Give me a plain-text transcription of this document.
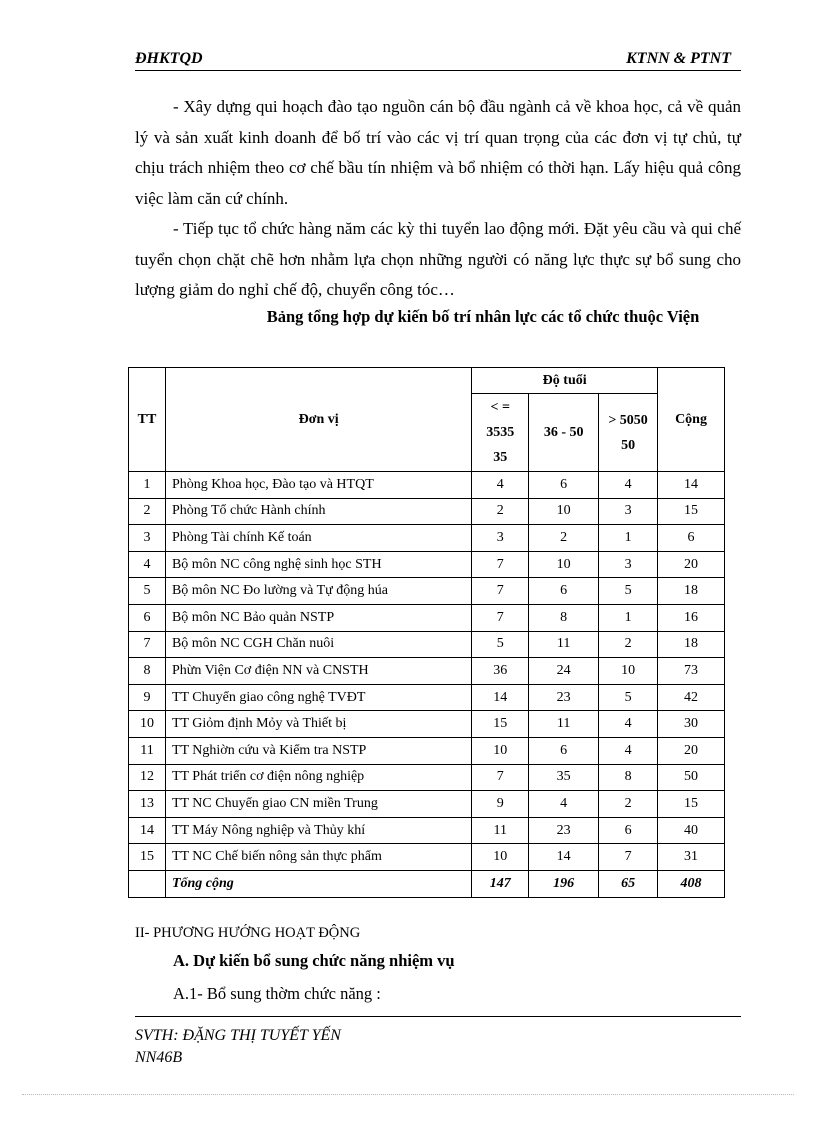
ĐHKTQD	KTNN & PTNT

- Xây dựng qui hoạch đào tạo nguồn cán bộ đầu ngành cả về khoa học, cả về quản lý và sản xuất kinh doanh để bố trí vào các vị trí quan trọng của các đơn vị tự chủ, tự chịu trách nhiệm theo cơ chế bầu tín nhiệm và bổ nhiệm có thời hạn. Lấy hiệu quả công việc làm căn cứ chính.

- Tiếp tục tổ chức hàng năm các kỳ thi tuyển lao động mới. Đặt yêu cầu và qui chế tuyển chọn chặt chẽ hơn nhằm lựa chọn những người có năng lực thực sự bổ sung cho lượng giảm do nghỉ chế độ, chuyển công tóc…

Bảng tổng hợp dự kiến bố trí nhân lực các tổ chức thuộc Viện
TT	Đơn vị	Độ tuổi			Cộng
		< = 3535 35	36 - 50	> 5050 50	
1	Phòng Khoa học, Đào tạo và HTQT	4	6	4	14
2	Phòng Tổ chức Hành chính	2	10	3	15
3	Phòng Tài chính Kế toán	3	2	1	6
4	Bộ môn NC công nghệ sinh học STH	7	10	3	20
5	Bộ môn NC Đo lường và Tự động húa	7	6	5	18
6	Bộ môn NC Bảo quản NSTP	7	8	1	16
7	Bộ môn NC CGH Chăn nuôi	5	11	2	18
8	Phừn Viện Cơ điện NN và CNSTH	36	24	10	73
9	TT Chuyển giao công nghệ TVĐT	14	23	5	42
10	TT Giỏm định Mỏy và Thiết bị	15	11	4	30
11	TT Nghiờn cứu và Kiểm tra NSTP	10	6	4	20
12	TT Phát triển cơ điện nông nghiệp	7	35	8	50
13	TT NC Chuyển giao CN miền Trung	9	4	2	15
14	TT Máy Nông nghiệp và Thủy khí	11	23	6	40
15	TT NC Chế biến nông sản thực phẩm	10	14	7	31
	Tổng cộng	147	196	65	408
II- PHƯƠNG HƯỚNG HOẠT ĐỘNG
A. Dự kiến bổ sung chức năng nhiệm vụ
A.1- Bổ sung thờm chức năng :
SVTH: ĐẶNG THỊ TUYẾT YẾN
NN46B
